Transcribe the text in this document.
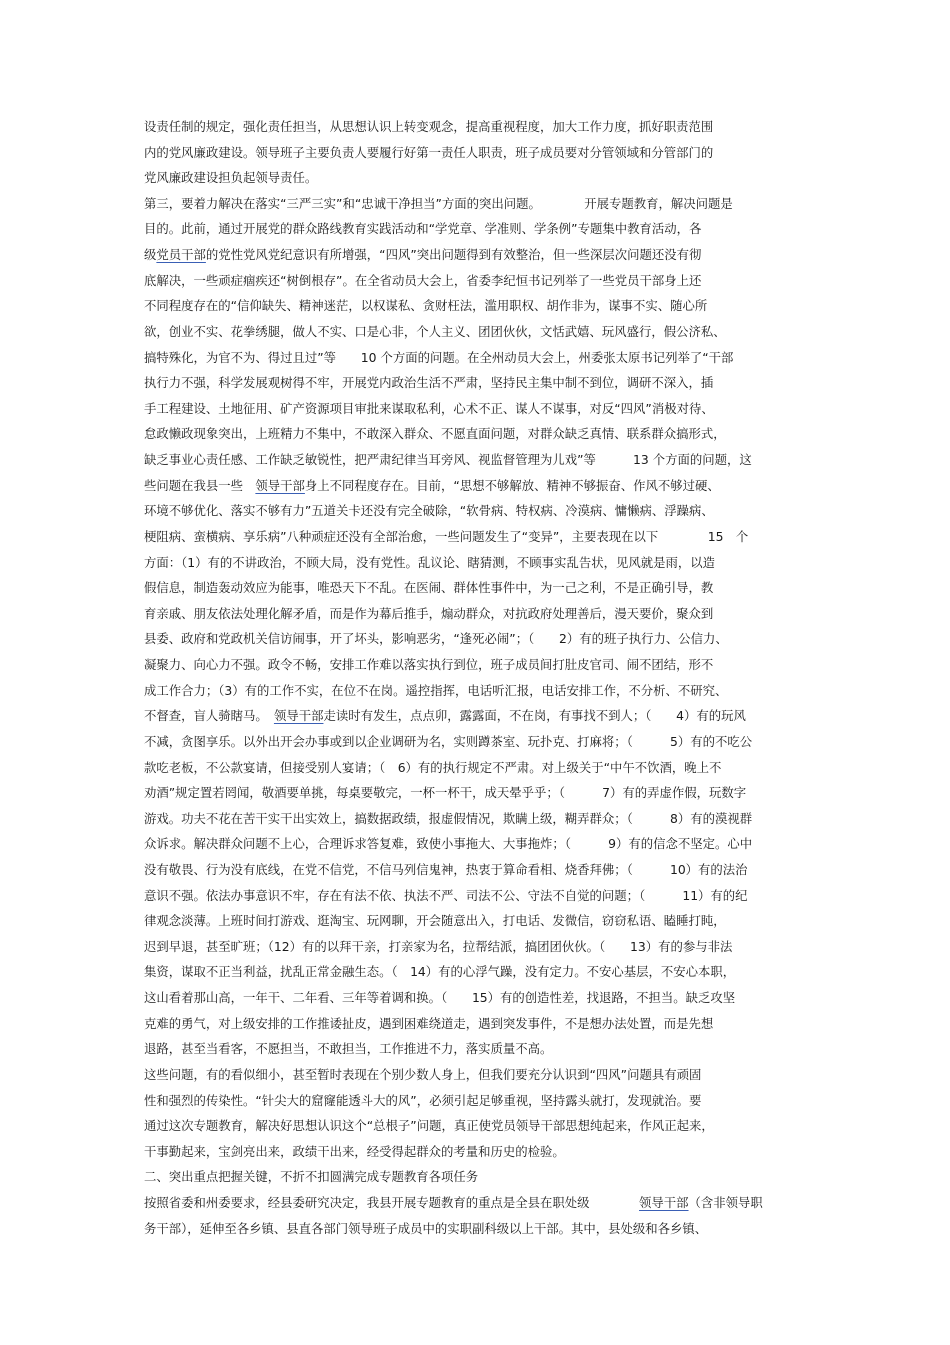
设责任制的规定，强化责任担当，从思想认识上转变观念，提高重视程度，加大工作力度，抓好职责范围
内的党风廉政建设。领导班子主要负责人要履行好第一责任人职责，班子成员要对分管领域和分管部门的
党风廉政建设担负起领导责任。
第三，要着力解决在落实“三严三实”和“忠诚干净担当”方面的突出问题。　　　　开展专题教育，解决问题是
目的。此前，通过开展党的群众路线教育实践活动和“学党章、学准则、学条例”专题集中教育活动，各
级党员干部的党性党风党纪意识有所增强，“四风”突出问题得到有效整治，但一些深层次问题还没有彻
底解决，一些顽症痼疾还“树倒根存”。在全省动员大会上，省委李纪恒书记列举了一些党员干部身上还
不同程度存在的“信仰缺失、精神迷茫，以权谋私、贪财枉法，滥用职权、胡作非为，谋事不实、随心所
欲，创业不实、花拳绣腿，做人不实、口是心非，个人主义、团团伙伙，文恬武嬉、玩风盛行，假公济私、
搞特殊化，为官不为、得过且过”等　　10 个方面的问题。在全州动员大会上，州委张太原书记列举了“干部
执行力不强，科学发展观树得不牢，开展党内政治生活不严肃，坚持民主集中制不到位，调研不深入，插
手工程建设、土地征用、矿产资源项目审批来谋取私利，心术不正、谋人不谋事，对反“四风”消极对待、
怠政懒政现象突出，上班精力不集中，不敢深入群众、不愿直面问题，对群众缺乏真情、联系群众搞形式，
缺乏事业心责任感、工作缺乏敏锐性，把严肃纪律当耳旁风、视监督管理为儿戏”等　　　13 个方面的问题，这
些问题在我县一些　领导干部身上不同程度存在。目前，“思想不够解放、精神不够振奋、作风不够过硬、
环境不够优化、落实不够有力”五道关卡还没有完全破除，“软骨病、特权病、冷漠病、慵懒病、浮躁病、
梗阻病、蛮横病、享乐病”八种顽症还没有全部治愈，一些问题发生了“变异”，主要表现在以下　　　　15　个
方面：（1）有的不讲政治，不顾大局，没有党性。乱议论、瞎猜测，不顾事实乱告状，见风就是雨，以造
假信息，制造轰动效应为能事，唯恐天下不乱。在医闹、群体性事件中，为一己之利，不是正确引导，教
育亲戚、朋友依法处理化解矛盾，而是作为幕后推手，煽动群众，对抗政府处理善后，漫天要价，聚众到
县委、政府和党政机关信访闹事，开了坏头，影响恶劣，“逢死必闹”；（　　2）有的班子执行力、公信力、
凝聚力、向心力不强。政令不畅，安排工作难以落实执行到位，班子成员间打肚皮官司、闹不团结，形不
成工作合力；（3）有的工作不实，在位不在岗。遥控指挥，电话听汇报，电话安排工作，不分析、不研究、
不督查，盲人骑瞎马。　领导干部走读时有发生，点点卯，露露面，不在岗，有事找不到人；（　　4）有的玩风
不减，贪图享乐。以外出开会办事或到以企业调研为名，实则蹲茶室、玩扑克、打麻将；（　　　5）有的不吃公
款吃老板，不公款宴请，但接受别人宴请；（　6）有的执行规定不严肃。对上级关于“中午不饮酒，晚上不
劝酒”规定置若罔闻，敬酒要单挑，每桌要敬完，一杯一杯干，成天晕乎乎；（　　　7）有的弄虚作假，玩数字
游戏。功夫不花在苦干实干出实效上，搞数据政绩，报虚假情况，欺瞒上级，糊弄群众；（　　　8）有的漠视群
众诉求。解决群众问题不上心，合理诉求答复难，致使小事拖大、大事拖炸；（　　　9）有的信念不坚定。心中
没有敬畏、行为没有底线，在党不信党，不信马列信鬼神，热衷于算命看相、烧香拜佛；（　　　10）有的法治
意识不强。依法办事意识不牢，存在有法不依、执法不严、司法不公、守法不自觉的问题；（　　　11）有的纪
律观念淡薄。上班时间打游戏、逛淘宝、玩网聊，开会随意出入，打电话、发微信，窃窃私语、瞌睡打盹，
迟到早退，甚至旷班；（12）有的以拜干亲，打亲家为名，拉帮结派，搞团团伙伙。（　　13）有的参与非法
集资，谋取不正当利益，扰乱正常金融生态。（　14）有的心浮气躁，没有定力。不安心基层，不安心本职，
这山看着那山高，一年干、二年看、三年等着调和换。（　　15）有的创造性差，找退路，不担当。缺乏攻坚
克难的勇气，对上级安排的工作推诿扯皮，遇到困难绕道走，遇到突发事件，不是想办法处置，而是先想
退路，甚至当看客，不愿担当，不敢担当，工作推进不力，落实质量不高。
这些问题，有的看似细小，甚至暂时表现在个别少数人身上，但我们要充分认识到“四风”问题具有顽固
性和强烈的传染性。“针尖大的窟窿能透斗大的风”，必须引起足够重视，坚持露头就打，发现就治。要
通过这次专题教育，解决好思想认识这个“总根子”问题，真正使党员领导干部思想纯起来，作风正起来，
干事勤起来，宝剑亮出来，政绩干出来，经受得起群众的考量和历史的检验。
二、突出重点把握关键，不折不扣圆满完成专题教育各项任务
按照省委和州委要求，经县委研究决定，我县开展专题教育的重点是全县在职处级　　　　领导干部（含非领导职
务干部），延伸至各乡镇、县直各部门领导班子成员中的实职副科级以上干部。其中，县处级和各乡镇、
